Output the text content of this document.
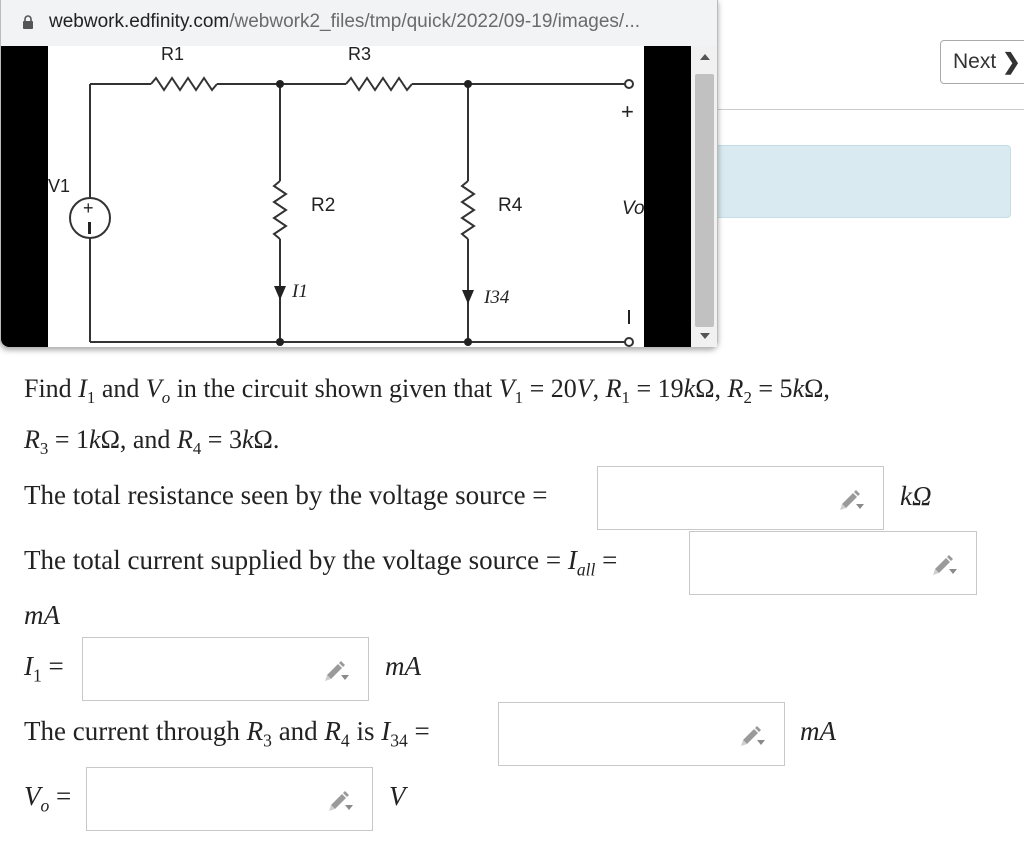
Next ❯
Find $I_1$ and $V_o$ in the circuit shown given that $V_1 = 20V$, $R_1 = 19k\Omega$, $R_2 = 5k\Omega$,
$R_3 = 1k\Omega$, and $R_4 = 3k\Omega$.
The total resistance seen by the voltage source =	kΩ
The total current supplied by the voltage source = $I_{all}$ =
mA
$I_1$ =	mA
The current through $R_3$ and $R_4$ is $I_{34}$ =	mA
$V_o$ =	V
webwork.edfinity.com/webwork2_files/tmp/quick/2022/09-19/images/...
+
R1	R3
R2	R4
V1
Vo
+
I1	I34
